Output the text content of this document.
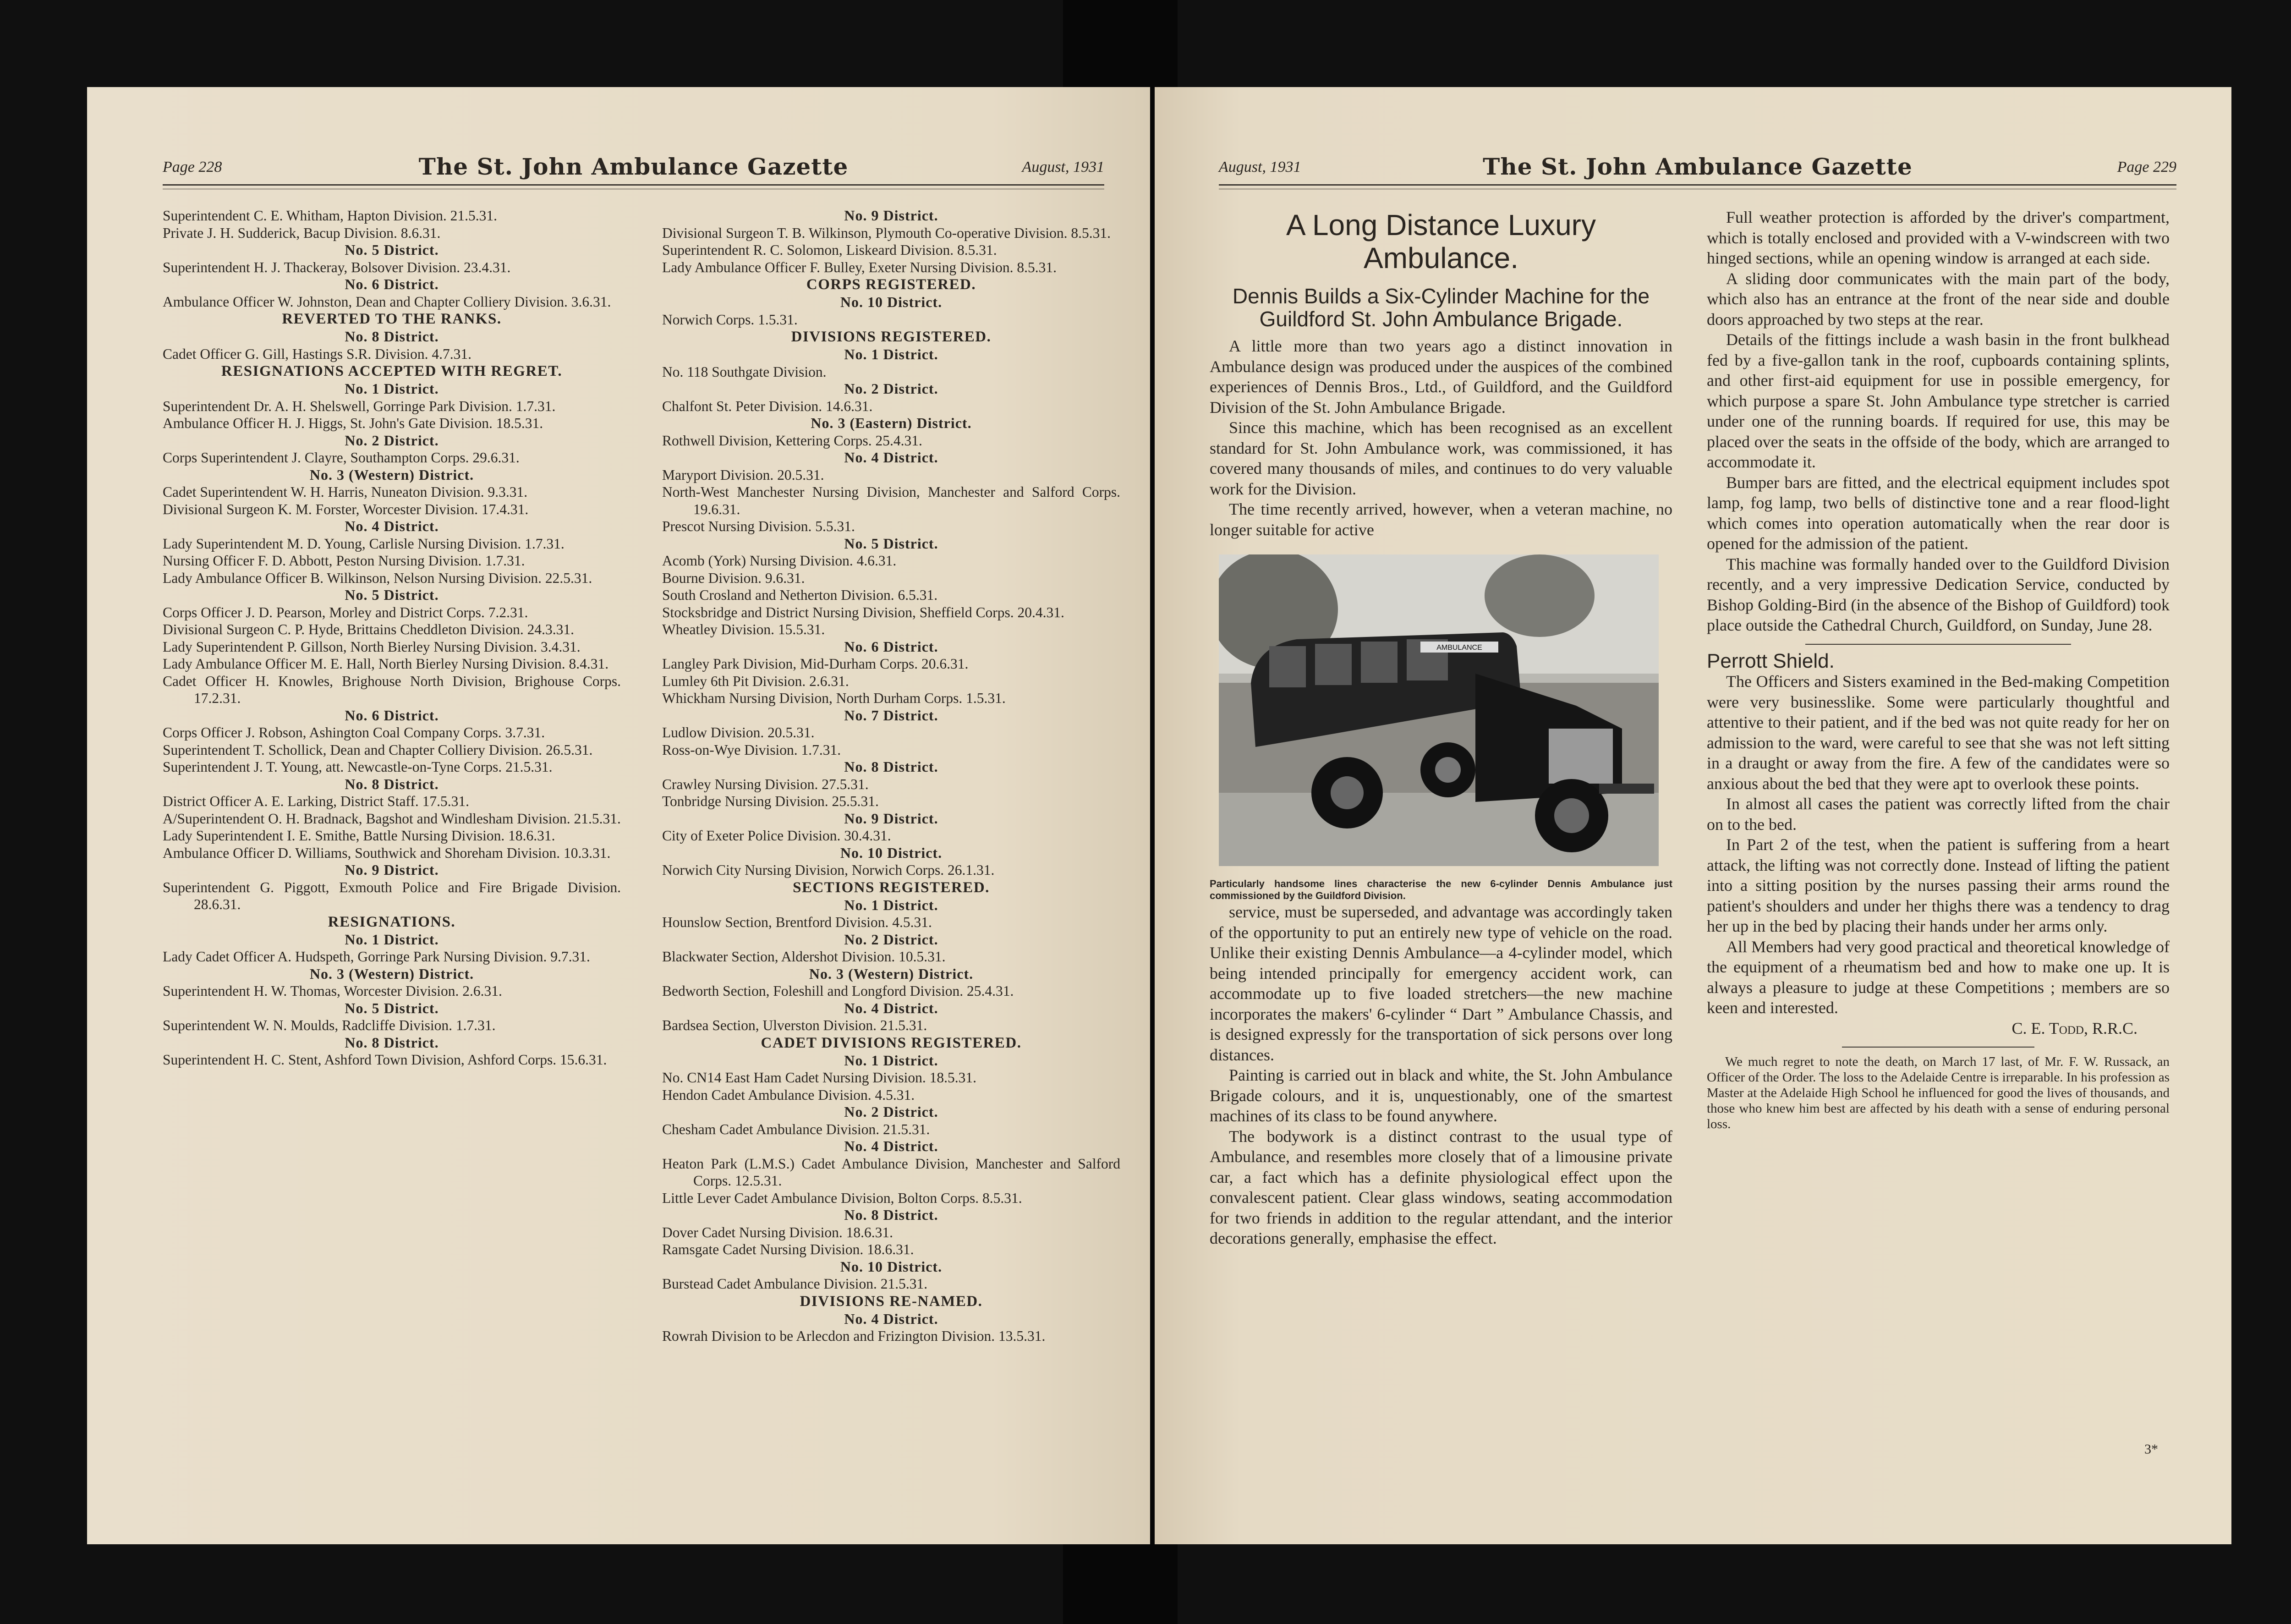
Page 228	The St. John Ambulance Gazette	August, 1931

Superintendent C. E. Whitham, Hapton Division. 21.5.31.

Private J. H. Sudderick, Bacup Division. 8.6.31.

No. 5 District.

Superintendent H. J. Thackeray, Bolsover Division. 23.4.31.

No. 6 District.

Ambulance Officer W. Johnston, Dean and Chapter Colliery Division. 3.6.31.

REVERTED TO THE RANKS.
No. 8 District.

Cadet Officer G. Gill, Hastings S.R. Division. 4.7.31.

RESIGNATIONS ACCEPTED WITH REGRET.
No. 1 District.

Superintendent Dr. A. H. Shelswell, Gorringe Park Division. 1.7.31.

Ambulance Officer H. J. Higgs, St. John's Gate Division. 18.5.31.

No. 2 District.

Corps Superintendent J. Clayre, Southampton Corps. 29.6.31.

No. 3 (Western) District.

Cadet Superintendent W. H. Harris, Nuneaton Division. 9.3.31.

Divisional Surgeon K. M. Forster, Worcester Division. 17.4.31.

No. 4 District.

Lady Superintendent M. D. Young, Carlisle Nursing Division. 1.7.31.

Nursing Officer F. D. Abbott, Peston Nursing Division. 1.7.31.

Lady Ambulance Officer B. Wilkinson, Nelson Nursing Division. 22.5.31.

No. 5 District.

Corps Officer J. D. Pearson, Morley and District Corps. 7.2.31.

Divisional Surgeon C. P. Hyde, Brittains Cheddleton Division. 24.3.31.

Lady Superintendent P. Gillson, North Bierley Nursing Division. 3.4.31.

Lady Ambulance Officer M. E. Hall, North Bierley Nursing Division. 8.4.31.

Cadet Officer H. Knowles, Brighouse North Division, Brighouse Corps. 17.2.31.

No. 6 District.

Corps Officer J. Robson, Ashington Coal Company Corps. 3.7.31.

Superintendent T. Schollick, Dean and Chapter Colliery Division. 26.5.31.

Superintendent J. T. Young, att. Newcastle-on-Tyne Corps. 21.5.31.

No. 8 District.

District Officer A. E. Larking, District Staff. 17.5.31.

A/Superintendent O. H. Bradnack, Bagshot and Windlesham Division. 21.5.31.

Lady Superintendent I. E. Smithe, Battle Nursing Division. 18.6.31.

Ambulance Officer D. Williams, Southwick and Shoreham Division. 10.3.31.

No. 9 District.

Superintendent G. Piggott, Exmouth Police and Fire Brigade Division. 28.6.31.

RESIGNATIONS.
No. 1 District.

Lady Cadet Officer A. Hudspeth, Gorringe Park Nursing Division. 9.7.31.

No. 3 (Western) District.

Superintendent H. W. Thomas, Worcester Division. 2.6.31.

No. 5 District.

Superintendent W. N. Moulds, Radcliffe Division. 1.7.31.

No. 8 District.

Superintendent H. C. Stent, Ashford Town Division, Ashford Corps. 15.6.31.

No. 9 District.

Divisional Surgeon T. B. Wilkinson, Plymouth Co-operative Division. 8.5.31.

Superintendent R. C. Solomon, Liskeard Division. 8.5.31.

Lady Ambulance Officer F. Bulley, Exeter Nursing Division. 8.5.31.

CORPS REGISTERED.
No. 10 District.

Norwich Corps. 1.5.31.

DIVISIONS REGISTERED.
No. 1 District.

No. 118 Southgate Division.

No. 2 District.

Chalfont St. Peter Division. 14.6.31.

No. 3 (Eastern) District.

Rothwell Division, Kettering Corps. 25.4.31.

No. 4 District.

Maryport Division. 20.5.31.

North-West Manchester Nursing Division, Manchester and Salford Corps. 19.6.31.

Prescot Nursing Division. 5.5.31.

No. 5 District.

Acomb (York) Nursing Division. 4.6.31.

Bourne Division. 9.6.31.

South Crosland and Netherton Division. 6.5.31.

Stocksbridge and District Nursing Division, Sheffield Corps. 20.4.31.

Wheatley Division. 15.5.31.

No. 6 District.

Langley Park Division, Mid-Durham Corps. 20.6.31.

Lumley 6th Pit Division. 2.6.31.

Whickham Nursing Division, North Durham Corps. 1.5.31.

No. 7 District.

Ludlow Division. 20.5.31.

Ross-on-Wye Division. 1.7.31.

No. 8 District.

Crawley Nursing Division. 27.5.31.

Tonbridge Nursing Division. 25.5.31.

No. 9 District.

City of Exeter Police Division. 30.4.31.

No. 10 District.

Norwich City Nursing Division, Norwich Corps. 26.1.31.

SECTIONS REGISTERED.
No. 1 District.

Hounslow Section, Brentford Division. 4.5.31.

No. 2 District.

Blackwater Section, Aldershot Division. 10.5.31.

No. 3 (Western) District.

Bedworth Section, Foleshill and Longford Division. 25.4.31.

No. 4 District.

Bardsea Section, Ulverston Division. 21.5.31.

CADET DIVISIONS REGISTERED.
No. 1 District.

No. CN14 East Ham Cadet Nursing Division. 18.5.31.

Hendon Cadet Ambulance Division. 4.5.31.

No. 2 District.

Chesham Cadet Ambulance Division. 21.5.31.

No. 4 District.

Heaton Park (L.M.S.) Cadet Ambulance Division, Manchester and Salford Corps. 12.5.31.

Little Lever Cadet Ambulance Division, Bolton Corps. 8.5.31.

No. 8 District.

Dover Cadet Nursing Division. 18.6.31.

Ramsgate Cadet Nursing Division. 18.6.31.

No. 10 District.

Burstead Cadet Ambulance Division. 21.5.31.

DIVISIONS RE-NAMED.
No. 4 District.

Rowrah Division to be Arlecdon and Frizington Division. 13.5.31.

August, 1931	The St. John Ambulance Gazette	Page 229
A Long Distance Luxury Ambulance.
Dennis Builds a Six-Cylinder Machine for the Guildford St. John Ambulance Brigade.

A little more than two years ago a distinct innovation in Ambulance design was produced under the auspices of the combined experiences of Dennis Bros., Ltd., of Guildford, and the Guildford Division of the St. John Ambulance Brigade.

Since this machine, which has been recognised as an excellent standard for St. John Ambulance work, was commissioned, it has covered many thousands of miles, and continues to do very valuable work for the Division.

The time recently arrived, however, when a veteran machine, no longer suitable for active

AMBULANCE

Particularly handsome lines characterise the new 6-cylinder Dennis Ambulance just commissioned by the Guildford Division.

service, must be superseded, and advantage was accordingly taken of the opportunity to put an entirely new type of vehicle on the road. Unlike their existing Dennis Ambulance—a 4-cylinder model, which being intended principally for emergency accident work, can accommodate up to five loaded stretchers—the new machine incorporates the makers' 6-cylinder “ Dart ” Ambulance Chassis, and is designed expressly for the transportation of sick persons over long distances.

Painting is carried out in black and white, the St. John Ambulance Brigade colours, and it is, unquestionably, one of the smartest machines of its class to be found anywhere.

The bodywork is a distinct contrast to the usual type of Ambulance, and resembles more closely that of a limousine private car, a fact which has a definite physiological effect upon the convalescent patient. Clear glass windows, seating accommodation for two friends in addition to the regular attendant, and the interior decorations generally, emphasise the effect.

Full weather protection is afforded by the driver's compartment, which is totally enclosed and provided with a V-windscreen with two hinged sections, while an opening window is arranged at each side.

A sliding door communicates with the main part of the body, which also has an entrance at the front of the near side and double doors approached by two steps at the rear.

Details of the fittings include a wash basin in the front bulkhead fed by a five-gallon tank in the roof, cupboards containing splints, and other first-aid equipment for use in possible emergency, for which purpose a spare St. John Ambulance type stretcher is carried under one of the running boards. If required for use, this may be placed over the seats in the offside of the body, which are arranged to accommodate it.

Bumper bars are fitted, and the electrical equipment includes spot lamp, fog lamp, two bells of distinctive tone and a rear flood-light which comes into operation automatically when the rear door is opened for the admission of the patient.

This machine was formally handed over to the Guildford Division recently, and a very impressive Dedication Service, conducted by Bishop Golding-Bird (in the absence of the Bishop of Guildford) took place outside the Cathedral Church, Guildford, on Sunday, June 28.

Perrott Shield.

The Officers and Sisters examined in the Bed-making Competition were very businesslike. Some were particularly thoughtful and attentive to their patient, and if the bed was not quite ready for her on admission to the ward, were careful to see that she was not left sitting in a draught or away from the fire. A few of the candidates were so anxious about the bed that they were apt to overlook these points.

In almost all cases the patient was correctly lifted from the chair on to the bed.

In Part 2 of the test, when the patient is suffering from a heart attack, the lifting was not correctly done. Instead of lifting the patient into a sitting position by the nurses passing their arms round the patient's shoulders and under her thighs there was a tendency to drag her up in the bed by placing their hands under her arms only.

All Members had very good practical and theoretical knowledge of the equipment of a rheumatism bed and how to make one up. It is always a pleasure to judge at these Competitions ; members are so keen and interested.

C. E. Todd, R.R.C.

We much regret to note the death, on March 17 last, of Mr. F. W. Russack, an Officer of the Order. The loss to the Adelaide Centre is irreparable. In his profession as Master at the Adelaide High School he influenced for good the lives of thousands, and those who knew him best are affected by his death with a sense of enduring personal loss.

3*
